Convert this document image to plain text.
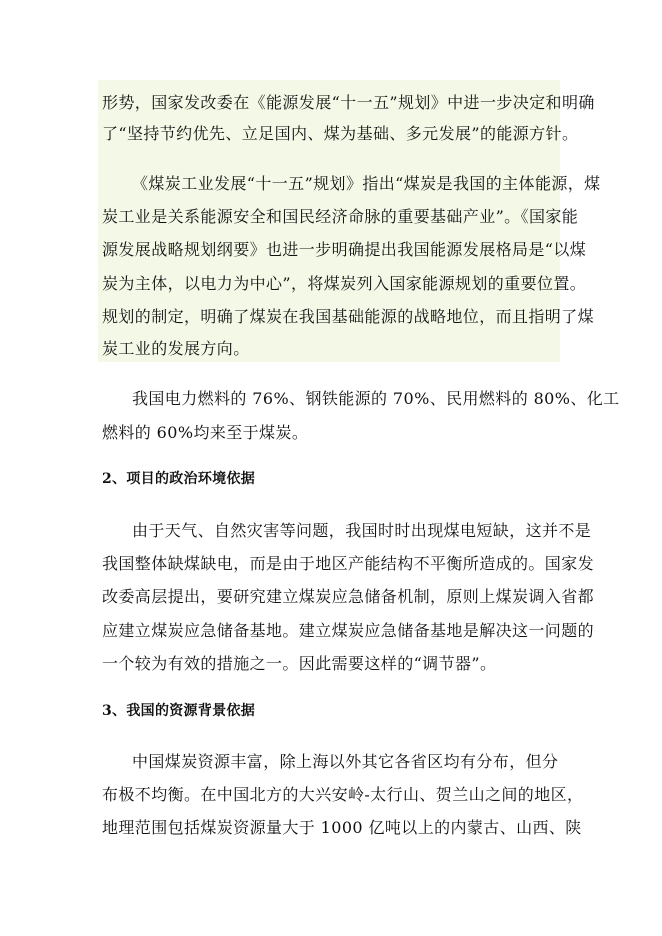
形势，国家发改委在《能源发展“十一五”规划》中进一步决定和明确
了“坚持节约优先、立足国内、煤为基础、多元发展”的能源方针。
《煤炭工业发展“十一五”规划》指出“煤炭是我国的主体能源，煤
炭工业是关系能源安全和国民经济命脉的重要基础产业”。《国家能
源发展战略规划纲要》也进一步明确提出我国能源发展格局是“以煤
炭为主体，以电力为中心”，将煤炭列入国家能源规划的重要位置。
规划的制定，明确了煤炭在我国基础能源的战略地位，而且指明了煤
炭工业的发展方向。
我国电力燃料的 76%、钢铁能源的 70%、民用燃料的 80%、化工
燃料的 60%均来至于煤炭。
2、项目的政治环境依据
由于天气、自然灾害等问题，我国时时出现煤电短缺，这并不是
我国整体缺煤缺电，而是由于地区产能结构不平衡所造成的。国家发
改委高层提出，要研究建立煤炭应急储备机制，原则上煤炭调入省都
应建立煤炭应急储备基地。建立煤炭应急储备基地是解决这一问题的
一个较为有效的措施之一。因此需要这样的“调节器”。
3、我国的资源背景依据
中国煤炭资源丰富，除上海以外其它各省区均有分布，但分
布极不均衡。在中国北方的大兴安岭-太行山、贺兰山之间的地区，
地理范围包括煤炭资源量大于 1000 亿吨以上的内蒙古、山西、陕
